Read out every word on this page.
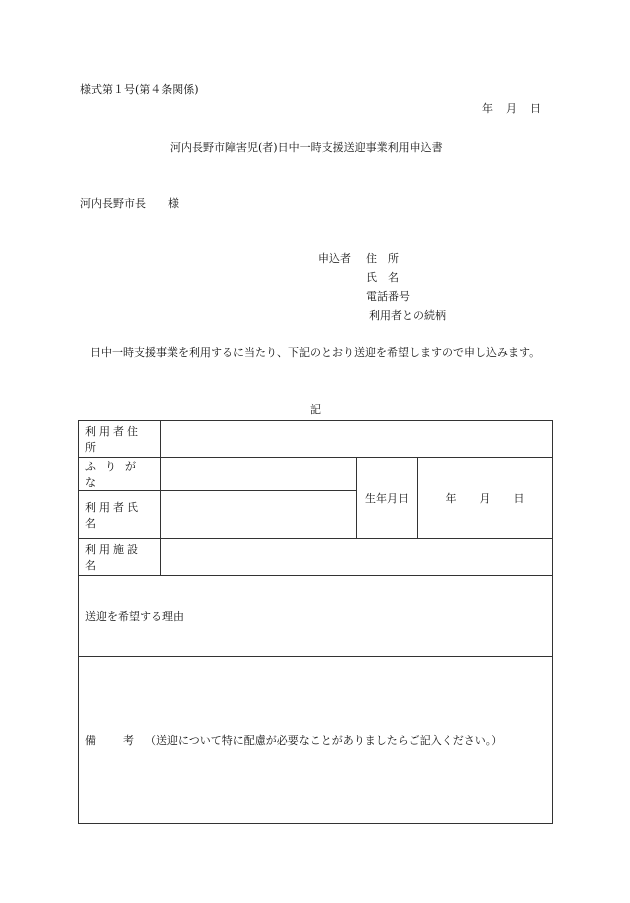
様式第１号(第４条関係)
年　月　日
河内長野市障害児(者)日中一時支援送迎事業利用申込書
河内長野市長　　様
申込者 住　所
氏　名
電話番号
利用者との続柄
日中一時支援事業を利用するに当たり、下記のとおり送迎を希望しますので申し込みます。
記
利用者住所			
ふりがな		生年月日	年 月 日

利用者氏名			
利用施設名			
送迎を希望する理由			
備 考 （送迎について特に配慮が必要なことがありましたらご記入ください。）			
